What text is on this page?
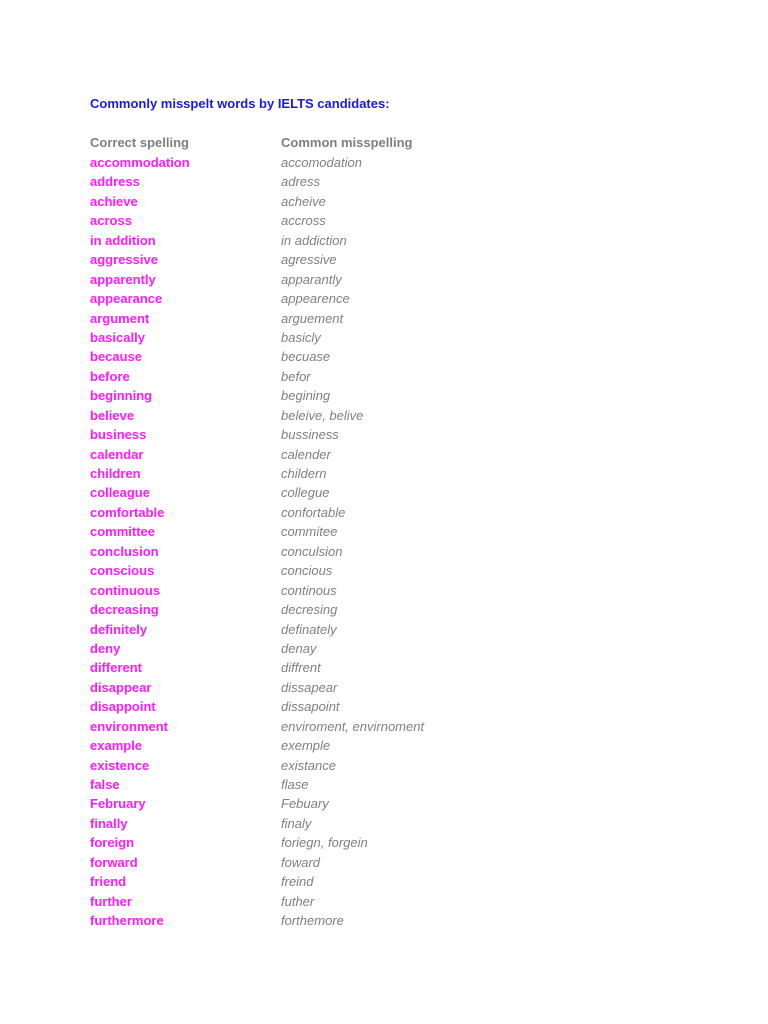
Commonly misspelt words by IELTS candidates:
Correct spelling	Common misspelling
accommodation	accomodation
address	adress
achieve	acheive
across	accross
in addition	in addiction
aggressive	agressive
apparently	apparantly
appearance	appearence
argument	arguement
basically	basicly
because	becuase
before	befor
beginning	begining
believe	beleive, belive
business	bussiness
calendar	calender
children	childern
colleague	collegue
comfortable	confortable
committee	commitee
conclusion	conculsion
conscious	concious
continuous	continous
decreasing	decresing
definitely	definately
deny	denay
different	diffrent
disappear	dissapear
disappoint	dissapoint
environment	enviroment, envirnoment
example	exemple
existence	existance
false	flase
February	Febuary
finally	finaly
foreign	foriegn, forgein
forward	foward
friend	freind
further	futher
furthermore	forthemore
